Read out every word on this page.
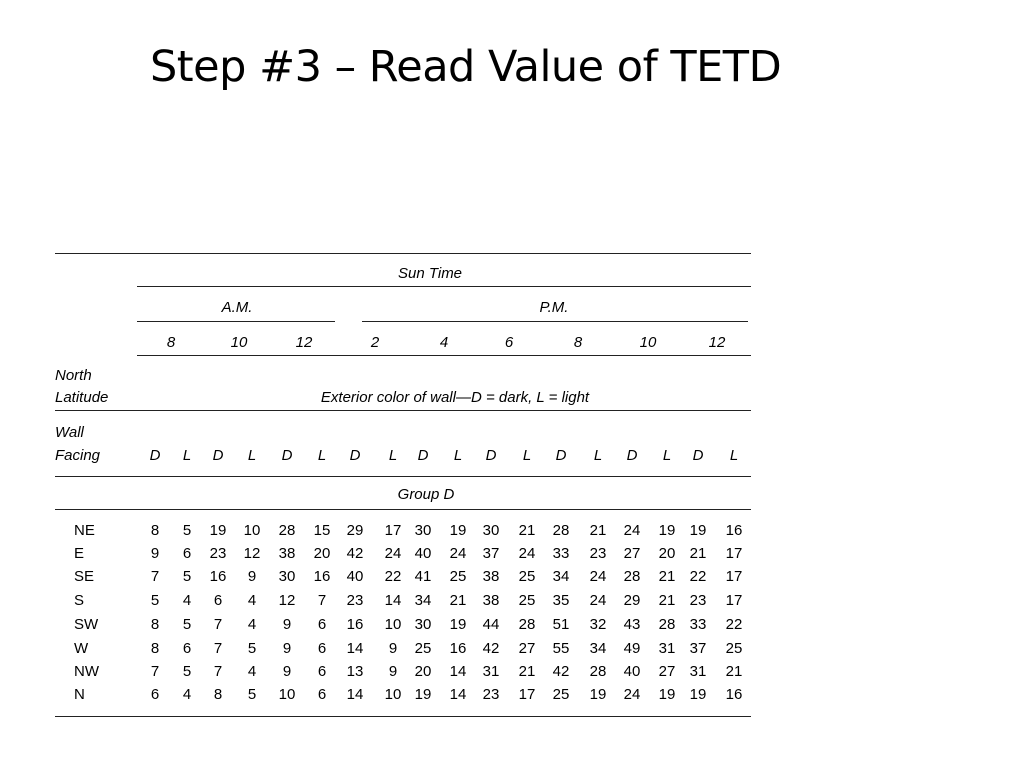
Step #3 – Read Value of TETD
Sun Time
A.M.	P.M.
North
Latitude	Exterior color of wall—D = dark, L = light
Wall
Facing
Group D
8	10	12	2	4	6	8	10	12
D L D L D L D L D L D L D L D L D L
NE	8 5 19 10 28 15 29 17 30 19 30 21 28 21 24 19 19 16
E	9 6 23 12 38 20 42 24 40 24 37 24 33 23 27 20 21 17
SE	7 5 16 9 30 16 40 22 41 25 38 25 34 24 28 21 22 17
S	5 4 6 4 12 7 23 14 34 21 38 25 35 24 29 21 23 17
SW	8 5 7 4 9 6 16 10 30 19 44 28 51 32 43 28 33 22
W	8 6 7 5 9 6 14 9 25 16 42 27 55 34 49 31 37 25
NW	7 5 7 4 9 6 13 9 20 14 31 21 42 28 40 27 31 21
N	6 4 8 5 10 6 14 10 19 14 23 17 25 19 24 19 19 16
